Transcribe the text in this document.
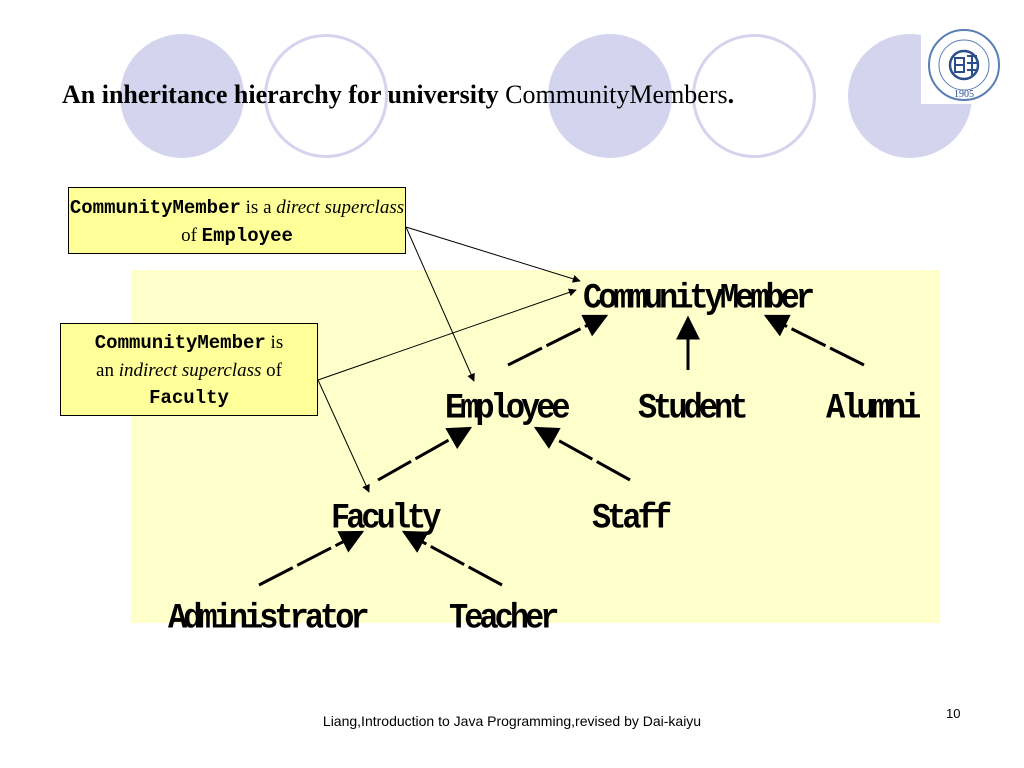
An inheritance hierarchy for university CommunityMembers.	1905
CommunityMember
Employee Student	Alumni
Faculty	Staff
Administrator	Teacher
CommunityMember is a direct superclass of Employee
CommunityMember is
an indirect superclass of
Faculty
Liang,Introduction to Java Programming,revised by Dai-kaiyu	10
